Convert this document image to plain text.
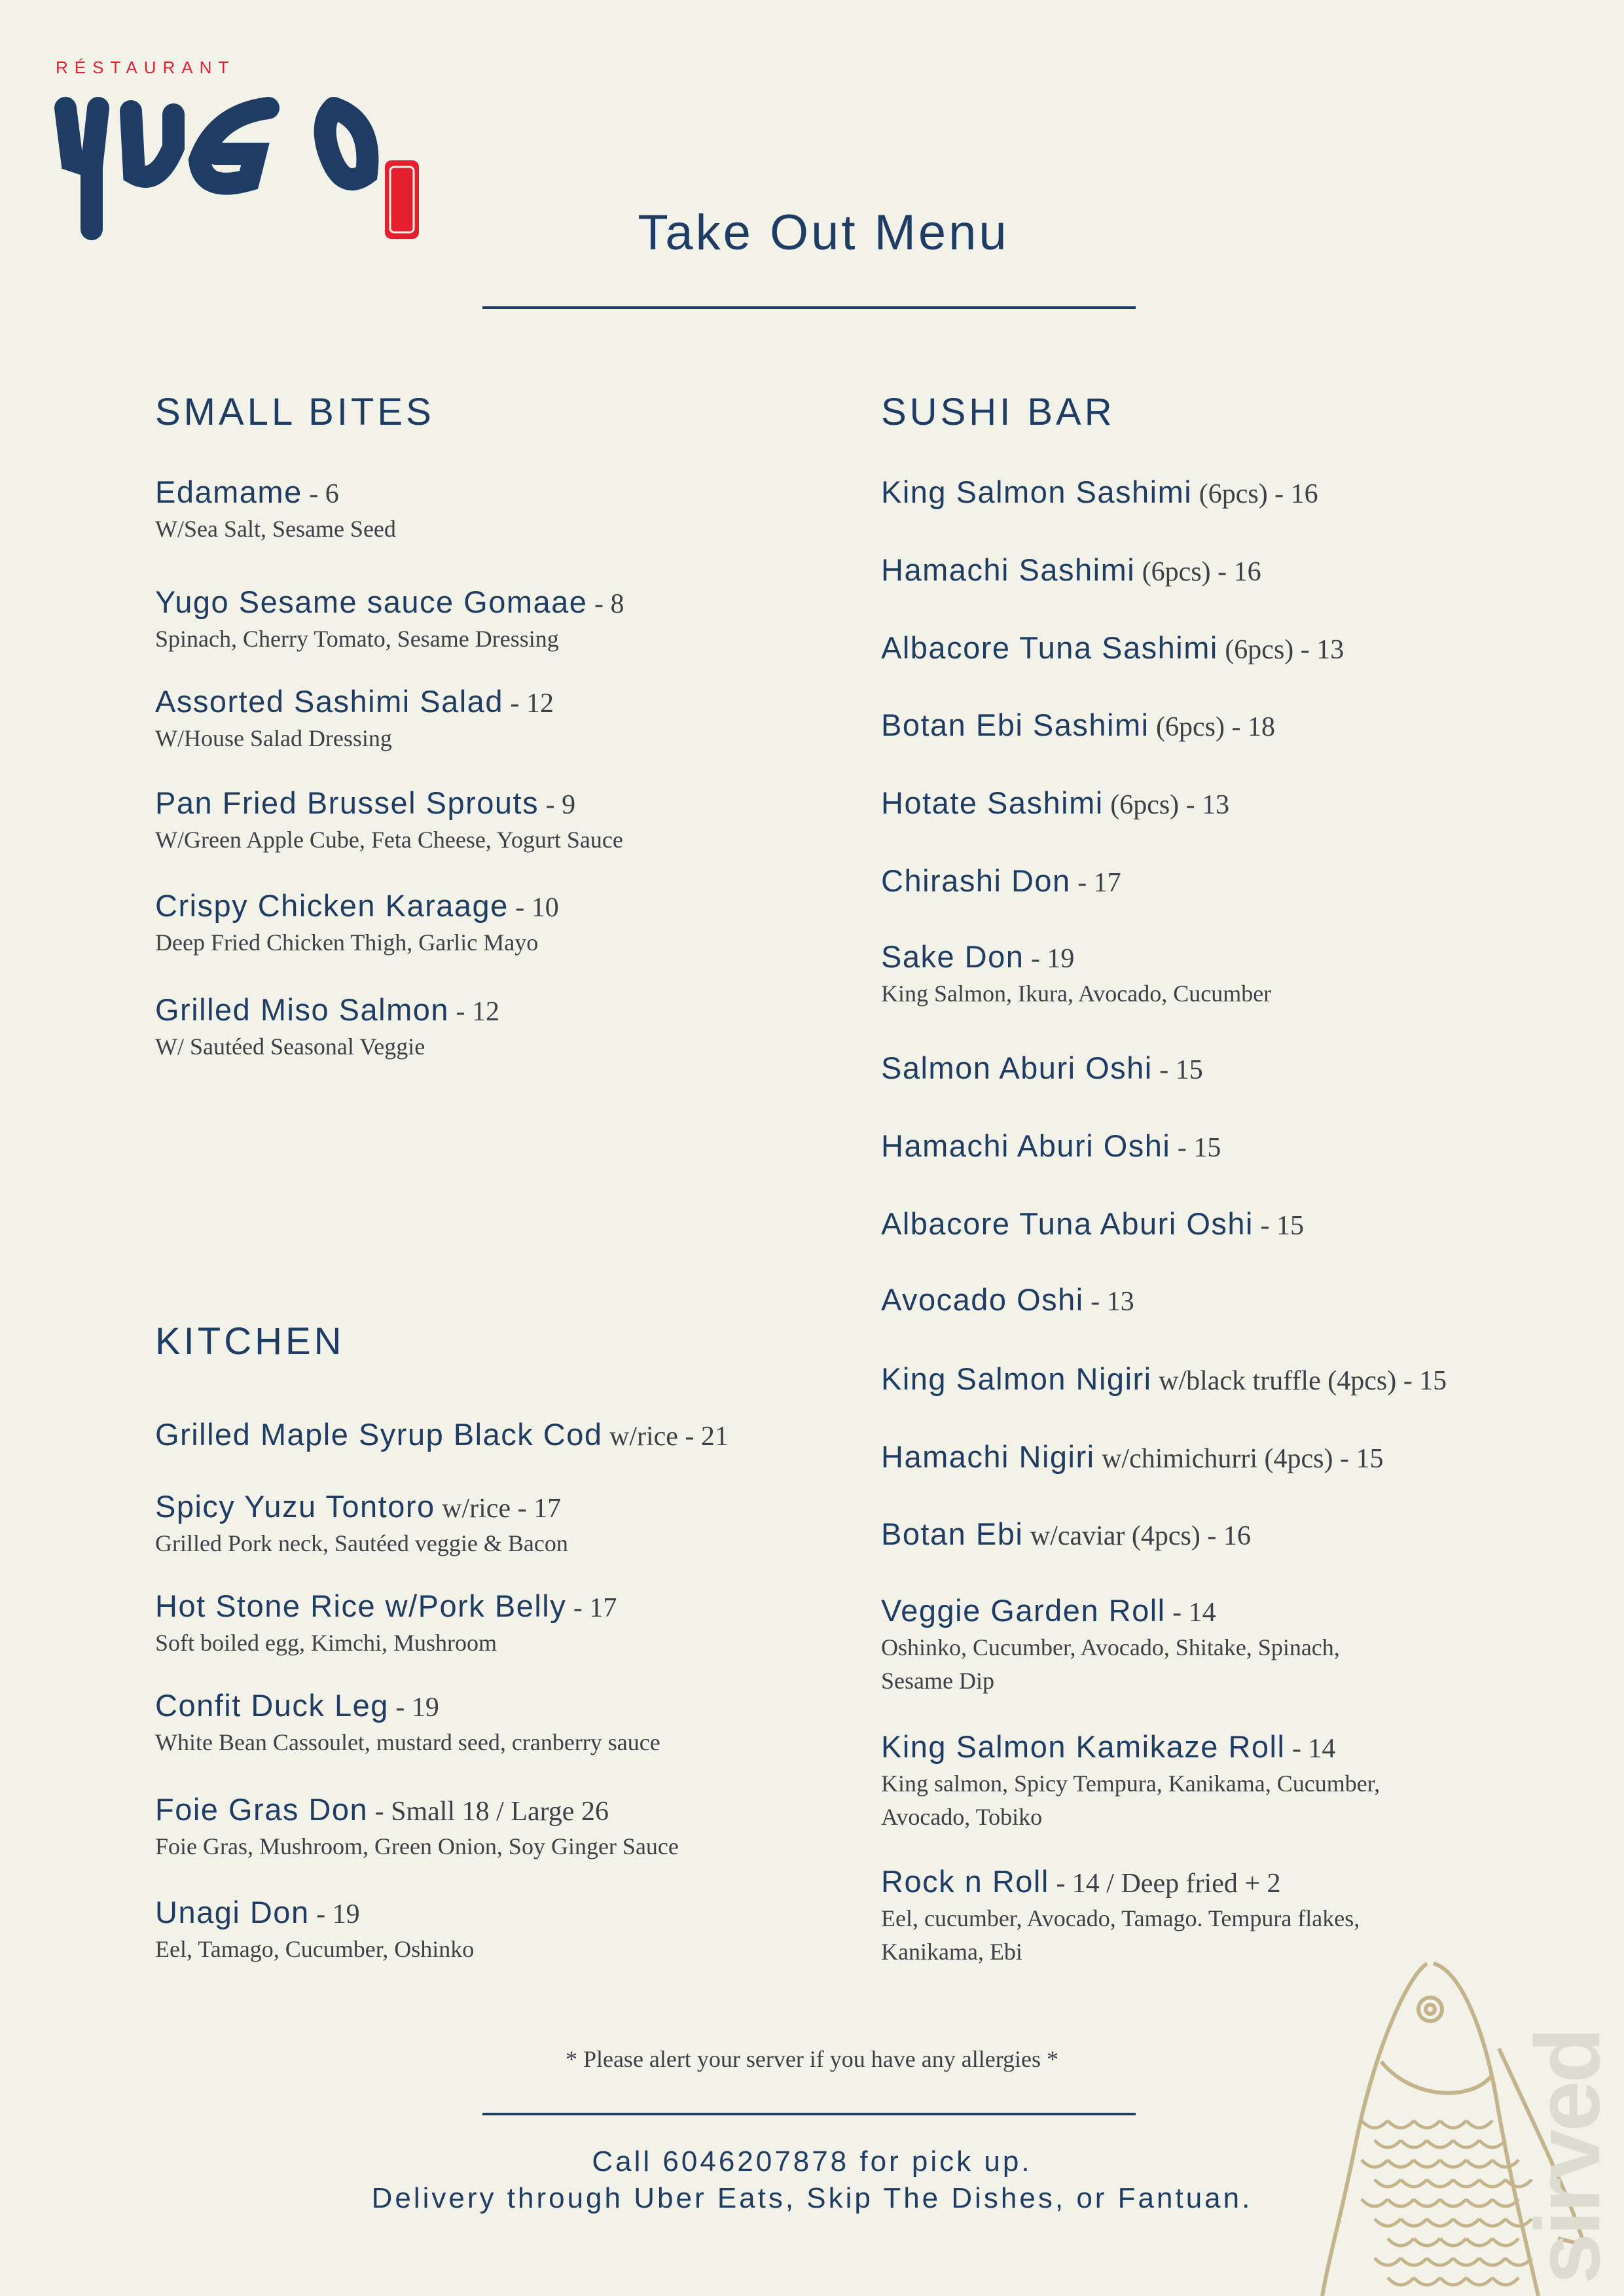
sirved
RÉSTAURANT
Take Out Menu
SMALL BITES
KITCHEN
SUSHI BAR
Edamame - 6
W/Sea Salt, Sesame Seed
Yugo Sesame sauce Gomaae - 8
Spinach, Cherry Tomato, Sesame Dressing
Assorted Sashimi Salad - 12
W/House Salad Dressing
Pan Fried Brussel Sprouts - 9
W/Green Apple Cube, Feta Cheese, Yogurt Sauce
Crispy Chicken Karaage - 10
Deep Fried Chicken Thigh, Garlic Mayo
Grilled Miso Salmon - 12
W/ Sautéed Seasonal Veggie
Grilled Maple Syrup Black Cod w/rice - 21
Spicy Yuzu Tontoro w/rice - 17
Grilled Pork neck, Sautéed veggie & Bacon
Hot Stone Rice w/Pork Belly - 17
Soft boiled egg, Kimchi, Mushroom
Confit Duck Leg - 19
White Bean Cassoulet, mustard seed, cranberry sauce
Foie Gras Don - Small 18 / Large 26
Foie Gras, Mushroom, Green Onion, Soy Ginger Sauce
Unagi Don - 19
Eel, Tamago, Cucumber, Oshinko
King Salmon Sashimi (6pcs) - 16
Hamachi Sashimi (6pcs) - 16
Albacore Tuna Sashimi (6pcs) - 13
Botan Ebi Sashimi (6pcs) - 18
Hotate Sashimi (6pcs) - 13
Chirashi Don - 17
Sake Don - 19
King Salmon, Ikura, Avocado, Cucumber
Salmon Aburi Oshi - 15
Hamachi Aburi Oshi - 15
Albacore Tuna Aburi Oshi - 15
Avocado Oshi - 13
King Salmon Nigiri w/black truffle (4pcs) - 15
Hamachi Nigiri w/chimichurri (4pcs) - 15
Botan Ebi w/caviar (4pcs) - 16
Veggie Garden Roll - 14
Oshinko, Cucumber, Avocado, Shitake, Spinach,
Sesame Dip
King Salmon Kamikaze Roll - 14
King salmon, Spicy Tempura, Kanikama, Cucumber,
Avocado, Tobiko
Rock n Roll - 14 / Deep fried + 2
Eel, cucumber, Avocado, Tamago. Tempura flakes,
Kanikama, Ebi
* Please alert your server if you have any allergies *
Call 6046207878 for pick up.
Delivery through Uber Eats, Skip The Dishes, or Fantuan.
